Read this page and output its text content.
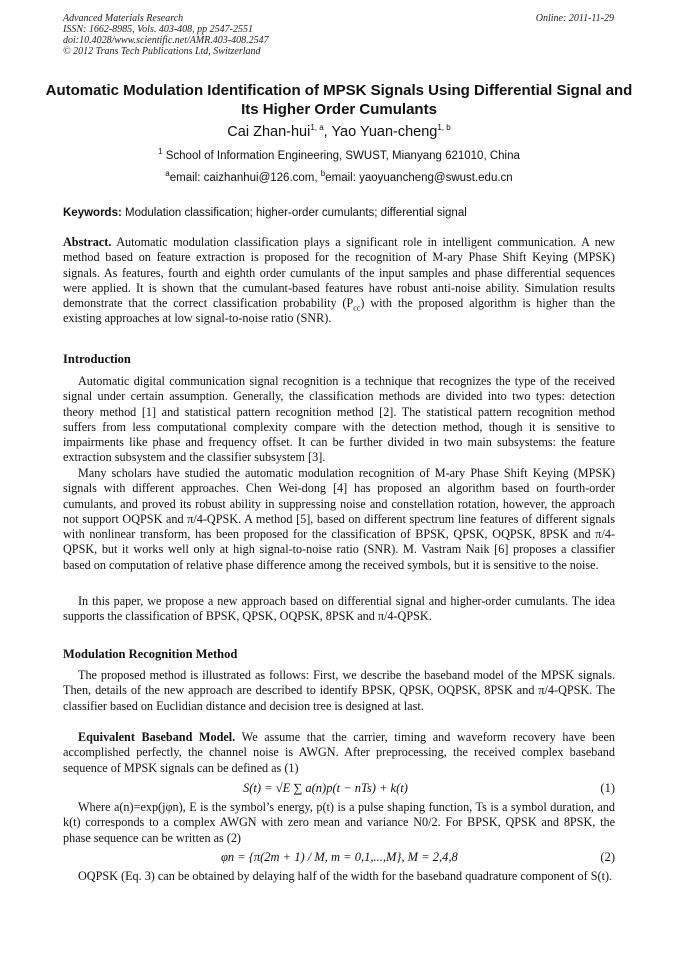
Advanced Materials Research
ISSN: 1662-8985, Vols. 403-408, pp 2547-2551
doi:10.4028/www.scientific.net/AMR.403-408.2547
© 2012 Trans Tech Publications Ltd, Switzerland
Online: 2011-11-29
Automatic Modulation Identification of MPSK Signals Using Differential Signal and Its Higher Order Cumulants
Cai Zhan-hui$^{1, a}$, Yao Yuan-cheng$^{1, b}$
$^1$ School of Information Engineering, SWUST, Mianyang 621010, China
$^a$email: caizhanhui@126.com, $^b$email: yaoyuancheng@swust.edu.cn
Keywords: Modulation classification; higher-order cumulants; differential signal

Abstract. Automatic modulation classification plays a significant role in intelligent communication. A new method based on feature extraction is proposed for the recognition of M-ary Phase Shift Keying (MPSK) signals. As features, fourth and eighth order cumulants of the input samples and phase differential sequences were applied. It is shown that the cumulant-based features have robust anti-noise ability. Simulation results demonstrate that the correct classification probability $(P_{cc})$ with the proposed algorithm is higher than the existing approaches at low signal-to-noise ratio (SNR).

Introduction

Automatic digital communication signal recognition is a technique that recognizes the type of the received signal under certain assumption. Generally, the classification methods are divided into two types: detection theory method [1] and statistical pattern recognition method [2]. The statistical pattern recognition method suffers from less computational complexity compare with the detection method, though it is sensitive to impairments like phase and frequency offset. It can be further divided in two main subsystems: the feature extraction subsystem and the classifier subsystem [3].

Many scholars have studied the automatic modulation recognition of M-ary Phase Shift Keying (MPSK) signals with different approaches. Chen Wei-dong [4] has proposed an algorithm based on fourth-order cumulants, and proved its robust ability in suppressing noise and constellation rotation, however, the approach not support OQPSK and π/4-QPSK. A method [5], based on different spectrum line features of different signals with nonlinear transform, has been proposed for the classification of BPSK, QPSK, OQPSK, 8PSK and π/4-QPSK, but it works well only at high signal-to-noise ratio (SNR). M. Vastram Naik [6] proposes a classifier based on computation of relative phase difference among the received symbols, but it is sensitive to the noise.

In this paper, we propose a new approach based on differential signal and higher-order cumulants. The idea supports the classification of BPSK, QPSK, OQPSK, 8PSK and π/4-QPSK.

Modulation Recognition Method

The proposed method is illustrated as follows: First, we describe the baseband model of the MPSK signals. Then, details of the new approach are described to identify BPSK, QPSK, OQPSK, 8PSK and π/4-QPSK. The classifier based on Euclidian distance and decision tree is designed at last.

Equivalent Baseband Model. We assume that the carrier, timing and waveform recovery have been accomplished perfectly, the channel noise is AWGN. After preprocessing, the received complex baseband sequence of MPSK signals can be defined as (1)

S(t) = √E ∑ a(n)p(t − nTs) + k(t)	(1)

Where a(n)=exp(jφn), E is the symbol’s energy, p(t) is a pulse shaping function, Ts is a symbol duration, and k(t) corresponds to a complex AWGN with zero mean and variance N0/2. For BPSK, QPSK and 8PSK, the phase sequence can be written as (2)

φn = {π(2m + 1) / M, m = 0,1,...,M}, M = 2,4,8	(2)

OQPSK (Eq. 3) can be obtained by delaying half of the width for the baseband quadrature component of S(t).
